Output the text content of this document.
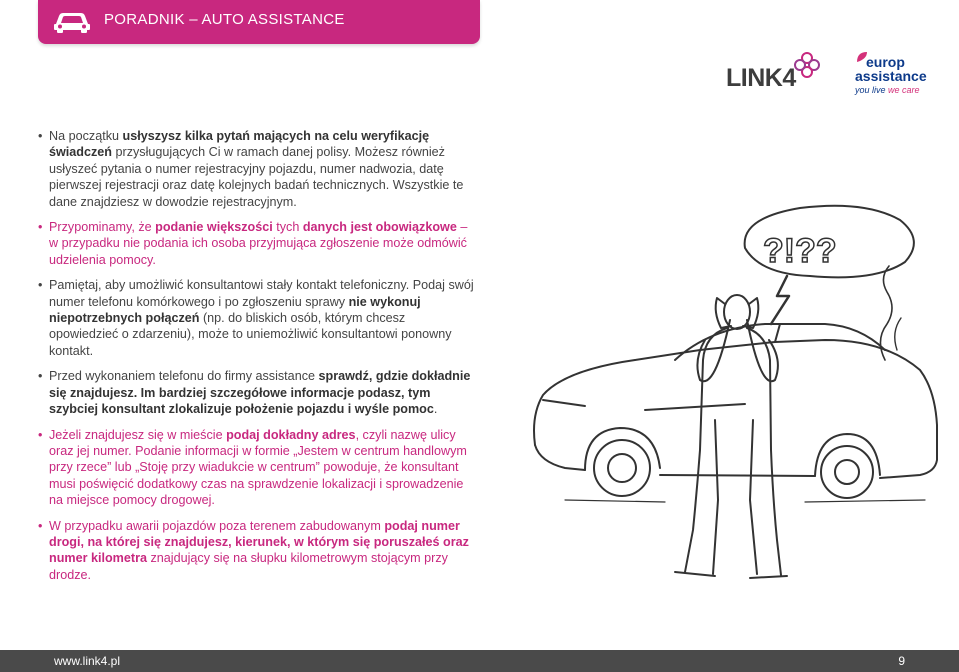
PORADNIK – AUTO ASSISTANCE
LINK4
europ
assistance
you live we care

• Na początku usłyszysz kilka pytań mających na celu weryfikację świadczeń przysługujących Ci w ramach danej polisy. Możesz również usłyszeć pytania o numer rejestracyjny pojazdu, numer nadwozia, datę pierwszej rejestracji oraz datę kolejnych badań technicznych. Wszystkie te dane znajdziesz w dowodzie rejestracyjnym.

• Przypominamy, że podanie większości tych danych jest obowiązkowe – w przypadku nie podania ich osoba przyjmująca zgłoszenie może odmówić udzielenia pomocy.

• Pamiętaj, aby umożliwić konsultantowi stały kontakt telefoniczny. Podaj swój numer telefonu komórkowego i po zgłoszeniu sprawy nie wykonuj niepotrzebnych połączeń (np. do bliskich osób, którym chcesz opowiedzieć o zdarzeniu), może to uniemożliwić konsultantowi ponowny kontakt.

• Przed wykonaniem telefonu do firmy assistance sprawdź, gdzie dokładnie się znajdujesz. Im bardziej szczegółowe informacje podasz, tym szybciej konsultant zlokalizuje położenie pojazdu i wyśle pomoc.

• Jeżeli znajdujesz się w mieście podaj dokładny adres, czyli nazwę ulicy oraz jej numer. Podanie informacji w formie „Jestem w centrum handlowym przy rzece” lub „Stoję przy wiadukcie w centrum” powoduje, że konsultant musi poświęcić dodatkowy czas na sprawdzenie lokalizacji i sprowadzenie na miejsce pomocy drogowej.

• W przypadku awarii pojazdów poza terenem zabudowanym podaj numer drogi, na której się znajdujesz, kierunek, w którym się poruszałeś oraz numer kilometra znajdujący się na słupku kilometrowym stojącym przy drodze.

?!??
www.link4.pl	9
